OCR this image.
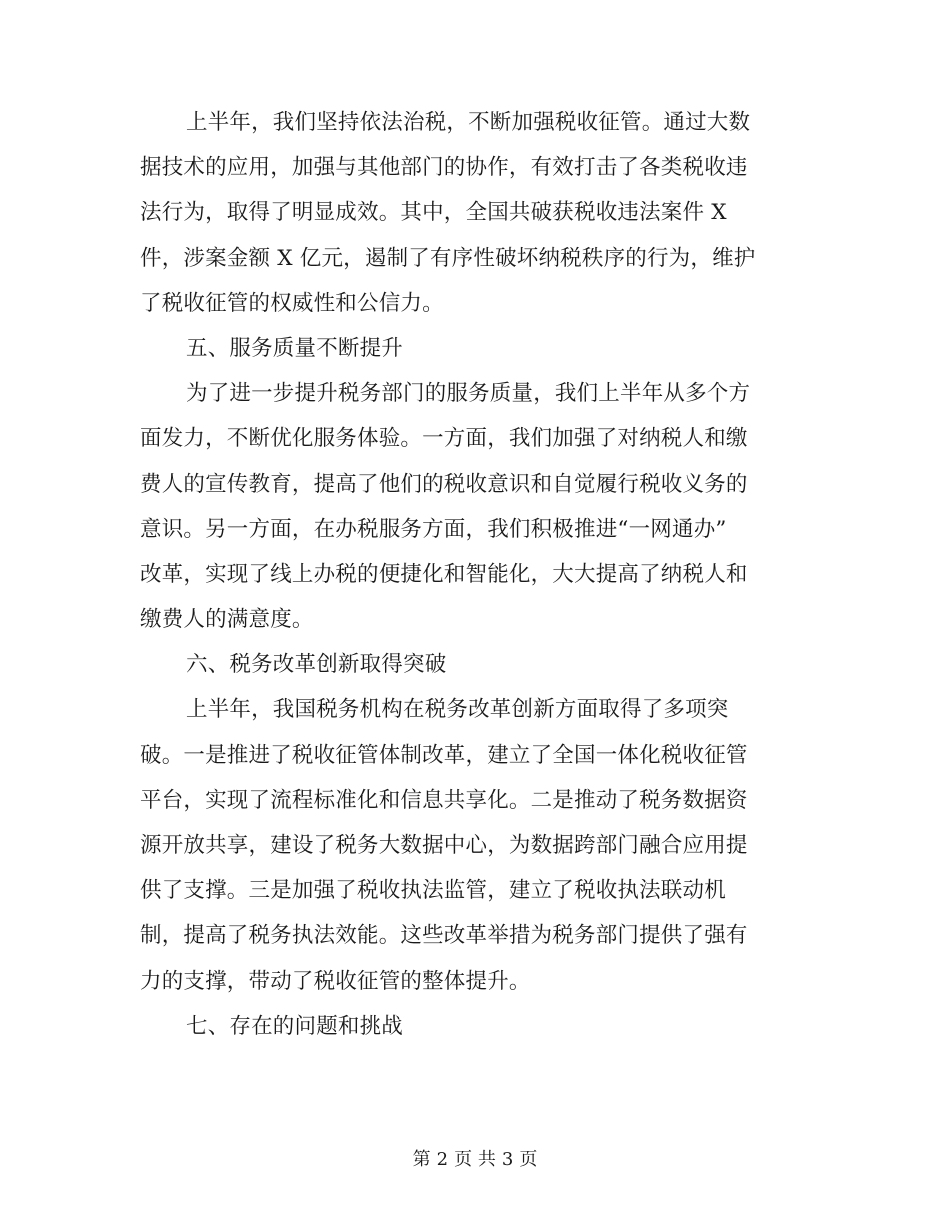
上半年，我们坚持依法治税，不断加强税收征管。通过大数
据技术的应用，加强与其他部门的协作，有效打击了各类税收违
法行为，取得了明显成效。其中，全国共破获税收违法案件 X
件，涉案金额 X 亿元，遏制了有序性破坏纳税秩序的行为，维护
了税收征管的权威性和公信力。
五、服务质量不断提升
为了进一步提升税务部门的服务质量，我们上半年从多个方
面发力，不断优化服务体验。一方面，我们加强了对纳税人和缴
费人的宣传教育，提高了他们的税收意识和自觉履行税收义务的
意识。另一方面，在办税服务方面，我们积极推进“一网通办”
改革，实现了线上办税的便捷化和智能化，大大提高了纳税人和
缴费人的满意度。
六、税务改革创新取得突破
上半年，我国税务机构在税务改革创新方面取得了多项突
破。一是推进了税收征管体制改革，建立了全国一体化税收征管
平台，实现了流程标准化和信息共享化。二是推动了税务数据资
源开放共享，建设了税务大数据中心，为数据跨部门融合应用提
供了支撑。三是加强了税收执法监管，建立了税收执法联动机
制，提高了税务执法效能。这些改革举措为税务部门提供了强有
力的支撑，带动了税收征管的整体提升。
七、存在的问题和挑战
第 2 页 共 3 页
